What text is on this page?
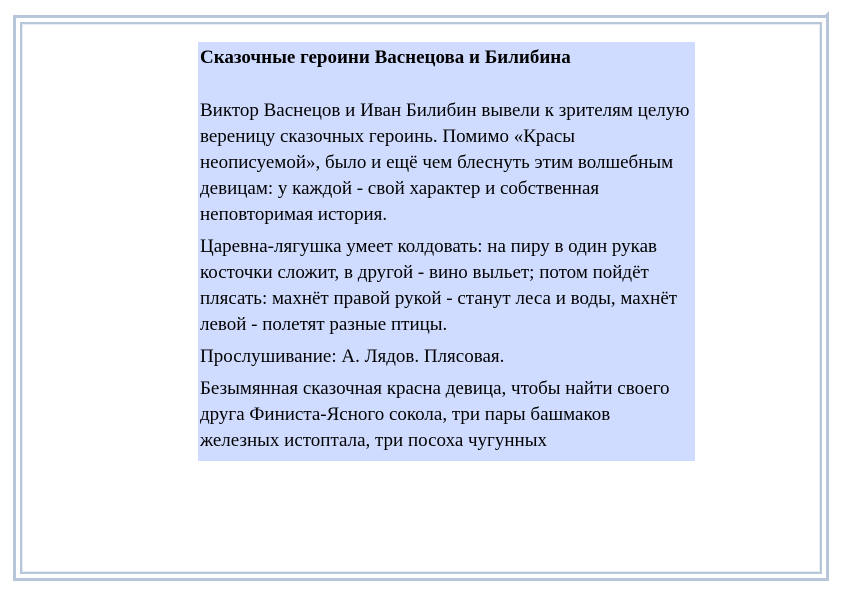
Сказочные героини Васнецова и Билибина

Виктор Васнецов и Иван Билибин вывели к зрителям целую вереницу сказочных героинь. Помимо «Красы неописуемой», было и ещё чем блеснуть этим волшебным девицам: у каждой - свой характер и собственная неповторимая история.

Царевна-лягушка умеет колдовать: на пиру в один рукав косточки сложит, в другой - вино выльет; потом пойдёт плясать: махнёт правой рукой - станут леса и воды, махнёт левой - полетят разные птицы.

Прослушивание: А. Лядов. Плясовая.

Безымянная сказочная красна девица, чтобы найти своего друга Финиста-Ясного сокола, три пары башмаков железных истоптала, три посоха чугунных
